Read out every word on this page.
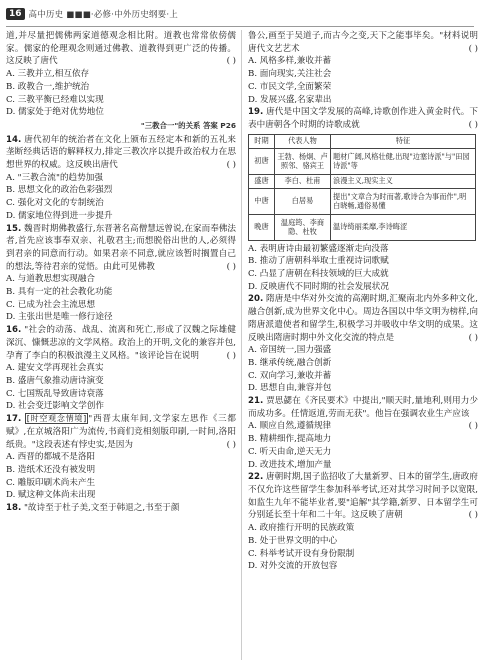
16 高中历史 ■■■·必修·中外历史纲要·上

道,并尽量把儒佛两家道德观念相比附。道教也常常依傍儒家。儒家的伦理观念则通过佛教、道教得到更广泛的传播。这反映了唐代	( )

A. 三教并立,相互依存
B. 政教合一,维护统治
C. 三教平衡已经难以实现
D. 儒家处于绝对优势地位
"三教合一"的关系 答案 P26

14. 唐代初年的统治者在文化上颁布五经定本和新的五礼来垄断经典话语的解释权力,排定三教次序以提升政治权力在思想世界的权威。这反映出唐代	( )

A. "三教合流"的趋势加强
B. 思想文化的政治色彩强烈
C. 强化对文化的专制统治
D. 儒家地位得到进一步提升

15. 魏晋时期佛教盛行,东晋著名高僧慧远曾说,在家而奉佛法者,首先应该事奉双亲、礼敬君主;而想脱俗出世的人,必须得到君亲的同意而行动。如果君亲不同意,就应该暂时搁置自己的想法,等待君亲的觉悟。由此可见佛教	( )

A. 与道教思想实现融合
B. 具有一定的社会教化功能
C. 已成为社会主流思想
D. 主张出世是唯一修行途径

16. "社会的动荡、战乱、流离和死亡,形成了汉魏之际雄健深沉、慷慨悲凉的文学风格。政治上的开明,文化的兼容并包,孕育了李白的积极浪漫主义风格。"该评论旨在说明	( )

A. 建安文学再现社会真实
B. 盛唐气象推动唐诗演变
C. 七国叛乱导致唐诗衰落
D. 社会变迁影响文学创作

17. [时空观念情境] "西晋太康年间,文学家左思作《三都赋》,在京城洛阳广为流传,书商们竞相刻版印刷,一时间,洛阳纸贵。"这段表述有悖史实,是因为	( )

A. 西晋的都城不是洛阳
B. 造纸术还没有被发明
C. 雕版印刷术尚未产生
D. 赋这种文体尚未出现

18. "故诗至于杜子美,文至于韩退之,书至于颜

鲁公,画至于吴道子,而古今之变,天下之能事毕矣。"材料说明唐代文艺艺术	( )

A. 风格多样,兼收并蓄
B. 面向现实,关注社会
C. 市民文学,全面繁荣
D. 发展兴盛,名家辈出

19. 唐代是中国文学发展的高峰,诗歌创作进入黄金时代。下表中唐朝各个时期的诗歌成就	( )

时期	代表人物	特征
初唐	王勃、杨炯、卢照邻、骆宾王	题材广阔,风格壮健,出现"边塞诗派"与"田园诗派"等
盛唐	李白、杜甫	浪漫主义,现实主义
中唐	白居易	提出"文章合为时而著,歌诗合为事而作",明白晓畅,通俗易懂
晚唐	温庭筠、李商隐、杜牧	温诗绮丽柔靡,李诗晦涩
A. 表明唐诗由最初繁盛逐渐走向没落
B. 推动了唐朝科举取士重视诗词歌赋
C. 凸显了唐朝在科技领域的巨大成就
D. 反映唐代不同时期的社会发展状况

20. 隋唐是中华对外交流的高潮时期,汇聚南北内外多种文化,融合创新,成为世界文化中心。周边各国以中华文明为榜样,向隋唐派遣使者和留学生,积极学习并吸收中华文明的成果。这反映出隋唐时期中外文化交流的特点是	( )

A. 帝国统一,国力强盛
B. 继承传统,融合创新
C. 双向学习,兼收并蓄
D. 思想自由,兼容并包

21. 贾思勰在《齐民要术》中提出,"顺天时,量地利,则用力少而成功多。任情返道,劳而无获"。他旨在强调农业生产应该
( )

A. 顺应自然,遵循规律
B. 精耕细作,提高地力
C. 听天由命,逆天无力
D. 改进技术,增加产量

22. 唐朝时期,国子监招收了大量新罗、日本的留学生,唐政府不仅允许这些留学生参加科举考试,还对其学习时间予以宽限,如监生九年不能毕业者,要"追解"其学籍,新罗、日本留学生可分别延长至十年和二十年。这反映了唐朝	( )

A. 政府推行开明的民族政策
B. 处于世界文明的中心
C. 科举考试开设有身份限制
D. 对外交流的开放包容
